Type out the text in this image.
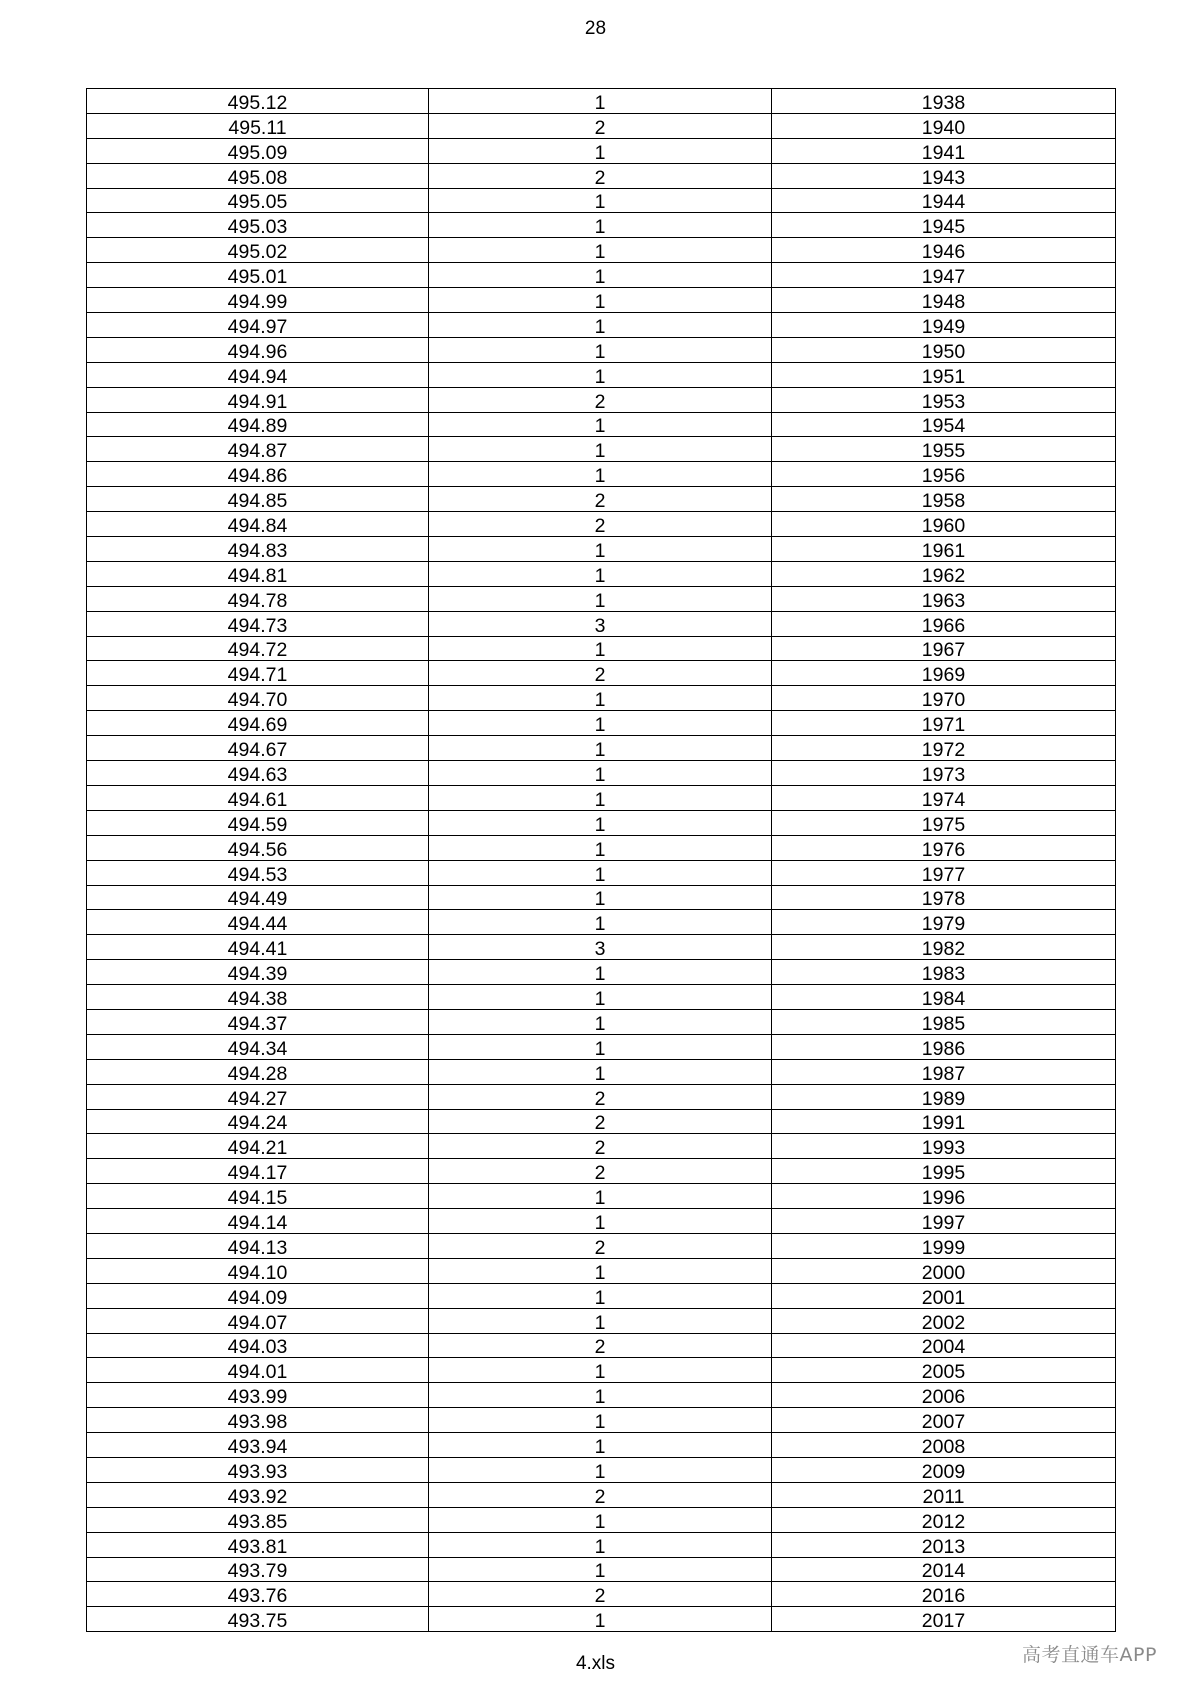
28
495.12	1	1938
495.11	2	1940
495.09	1	1941
495.08	2	1943
495.05	1	1944
495.03	1	1945
495.02	1	1946
495.01	1	1947
494.99	1	1948
494.97	1	1949
494.96	1	1950
494.94	1	1951
494.91	2	1953
494.89	1	1954
494.87	1	1955
494.86	1	1956
494.85	2	1958
494.84	2	1960
494.83	1	1961
494.81	1	1962
494.78	1	1963
494.73	3	1966
494.72	1	1967
494.71	2	1969
494.70	1	1970
494.69	1	1971
494.67	1	1972
494.63	1	1973
494.61	1	1974
494.59	1	1975
494.56	1	1976
494.53	1	1977
494.49	1	1978
494.44	1	1979
494.41	3	1982
494.39	1	1983
494.38	1	1984
494.37	1	1985
494.34	1	1986
494.28	1	1987
494.27	2	1989
494.24	2	1991
494.21	2	1993
494.17	2	1995
494.15	1	1996
494.14	1	1997
494.13	2	1999
494.10	1	2000
494.09	1	2001
494.07	1	2002
494.03	2	2004
494.01	1	2005
493.99	1	2006
493.98	1	2007
493.94	1	2008
493.93	1	2009
493.92	2	2011
493.85	1	2012
493.81	1	2013
493.79	1	2014
493.76	2	2016
493.75	1	2017
4.xls	高考直通车APP
